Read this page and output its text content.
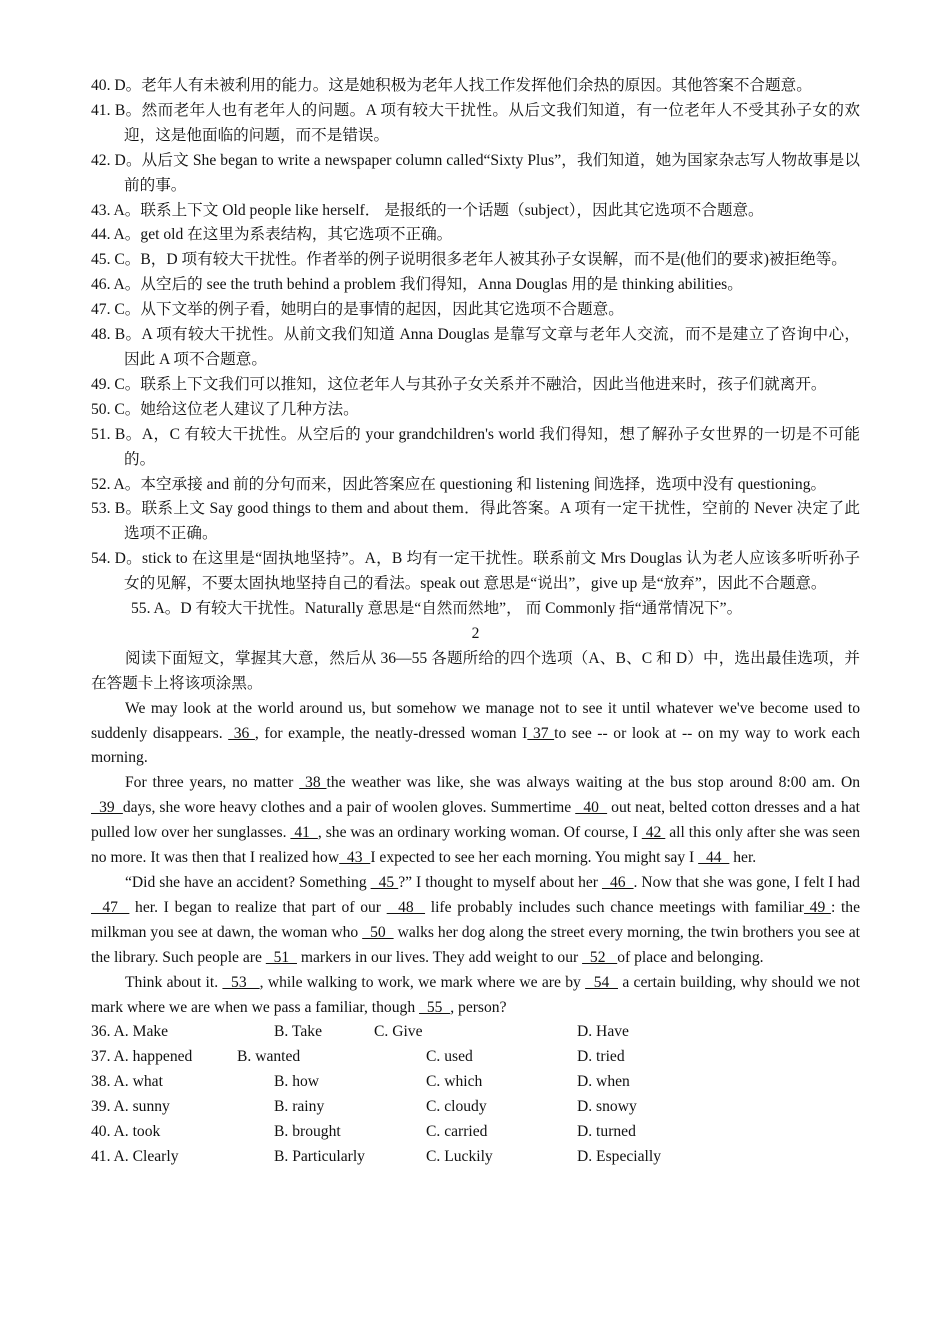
40. D。老年人有未被利用的能力。这是她积极为老年人找工作发挥他们余热的原因。其他答案不合题意。
41. B。然而老年人也有老年人的问题。A 项有较大干扰性。从后文我们知道，有一位老年人不受其孙子女的欢迎，这是他面临的问题，而不是错误。
42. D。从后文 She began to write a newspaper column called“Sixty Plus”，我们知道，她为国家杂志写人物故事是以前的事。
43. A。联系上下文 Old people like herself． 是报纸的一个话题（subject），因此其它选项不合题意。
44. A。get old 在这里为系表结构，其它选项不正确。
45. C。B，D 项有较大干扰性。作者举的例子说明很多老年人被其孙子女误解，而不是(他们的要求)被拒绝等。
46. A。从空后的 see the truth behind a problem 我们得知，Anna Douglas 用的是 thinking abilities。
47. C。从下文举的例子看，她明白的是事情的起因，因此其它选项不合题意。
48. B。A 项有较大干扰性。从前文我们知道 Anna Douglas 是靠写文章与老年人交流，而不是建立了咨询中心，因此 A 项不合题意。
49. C。联系上下文我们可以推知，这位老年人与其孙子女关系并不融洽，因此当他进来时，孩子们就离开。
50. C。她给这位老人建议了几种方法。
51. B。A，C 有较大干扰性。从空后的 your grandchildren's world 我们得知，想了解孙子女世界的一切是不可能的。
52. A。本空承接 and 前的分句而来，因此答案应在 questioning 和 listening 间选择，选项中没有 questioning。
53. B。联系上文 Say good things to them and about them．得此答案。A 项有一定干扰性，空前的 Never 决定了此选项不正确。
54. D。stick to 在这里是“固执地坚持”。A，B 均有一定干扰性。联系前文 Mrs Douglas 认为老人应该多听听孙子女的见解，不要太固执地坚持自己的看法。speak out 意思是“说出”，give up 是“放弃”，因此不合题意。
55. A。D 有较大干扰性。Naturally 意思是“自然而然地”， 而 Commonly 指“通常情况下”。
2
阅读下面短文，掌握其大意，然后从 36—55 各题所给的四个选项（A、B、C 和 D）中，选出最佳选项，并在答题卡上将该项涂黑。

We may look at the world around us, but somehow we manage not to see it until whatever we've become used to suddenly disappears.  36 , for example, the neatly-dressed woman I 37 to see -- or look at -- on my way to work each morning.

For three years, no matter  38 the weather was like, she was always waiting at the bus stop around 8:00 am. On   39  days, she wore heavy clothes and a pair of woolen gloves. Summertime   40   out neat, belted cotton dresses and a hat pulled low over her sunglasses.  41  , she was an ordinary working woman. Of course, I  42  all this only after she was seen no more. It was then that I realized how  43  I expected to see her each morning. You might say I   44   her.

“Did she have an accident? Something   45 ?” I thought to myself about her   46  . Now that she was gone, I felt I had   47   her. I began to realize that part of our   48   life probably includes such chance meetings with familiar 49 : the milkman you see at dawn, the woman who   50   walks her dog along the street every morning, the twin brothers you see at the library. Such people are   51   markers in our lives. They add weight to our   52   of place and belonging.

Think about it.   53   , while walking to work, we mark where we are by   54   a certain building, why should we not mark where we are when we pass a familiar, though   55  , person?

36. A. Make	B. Take	C. Give	D. Have
37. A. happened	B. wanted	C. used	D. tried
38. A. what	B. how	C. which	D. when
39. A. sunny	B. rainy	C. cloudy	D. snowy
40. A. took	B. brought	C. carried	D. turned
41. A. Clearly	B. Particularly	C. Luckily	D. Especially
